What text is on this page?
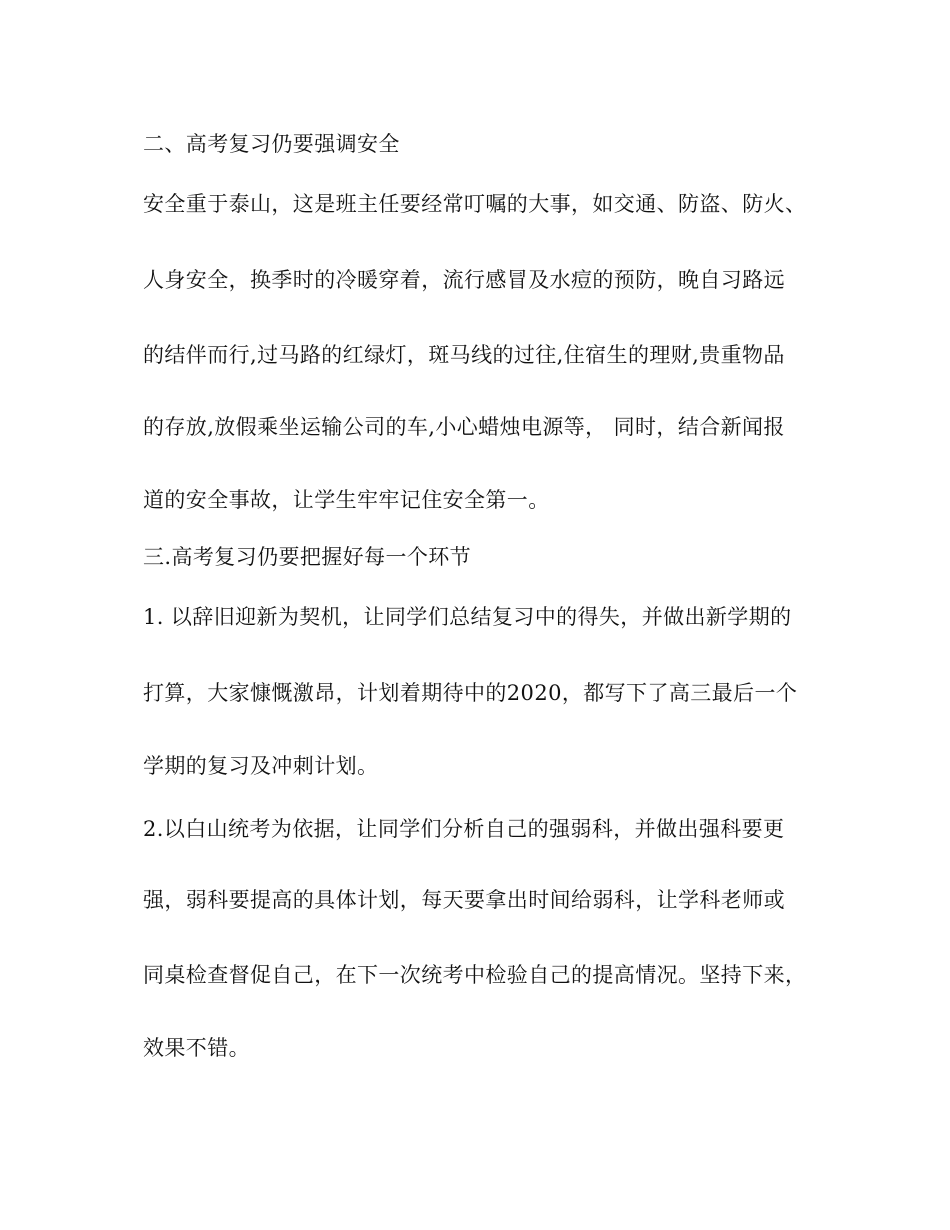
二、高考复习仍要强调安全
安全重于泰山，这是班主任要经常叮嘱的大事，如交通、防盗、防火、
人身安全，换季时的冷暖穿着，流行感冒及水痘的预防，晚自习路远
的结伴而行,过马路的红绿灯，斑马线的过往,住宿生的理财,贵重物品
的存放,放假乘坐运输公司的车,小心蜡烛电源等， 同时，结合新闻报
道的安全事故，让学生牢牢记住安全第一。
三.高考复习仍要把握好每一个环节
1. 以辞旧迎新为契机，让同学们总结复习中的得失，并做出新学期的
打算，大家慷慨激昂，计划着期待中的2020，都写下了高三最后一个
学期的复习及冲刺计划。
2.以白山统考为依据，让同学们分析自己的强弱科，并做出强科要更
强，弱科要提高的具体计划，每天要拿出时间给弱科，让学科老师或
同桌检查督促自己，在下一次统考中检验自己的提高情况。坚持下来，
效果不错。
